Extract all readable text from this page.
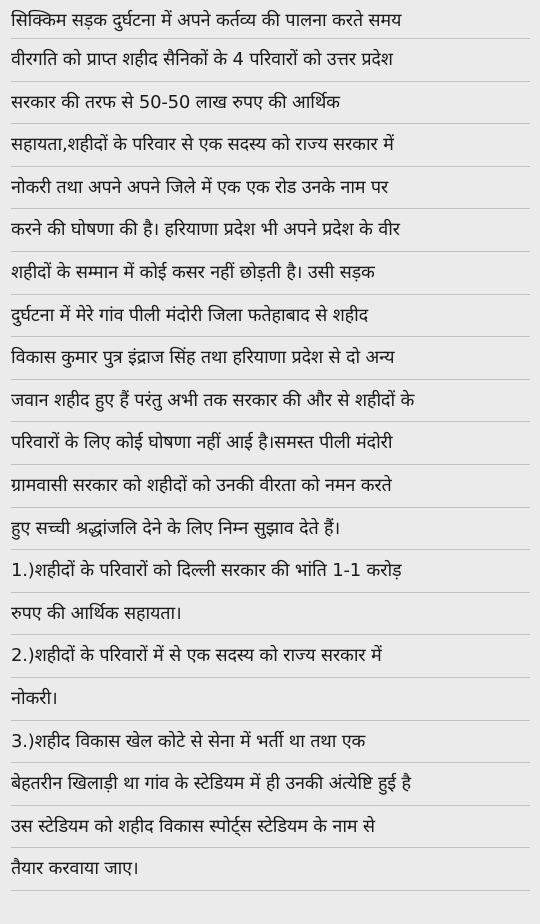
सिक्किम सड़क दुर्घटना में अपने कर्तव्य की पालना करते समय
वीरगति को प्राप्त शहीद सैनिकों के 4 परिवारों को उत्तर प्रदेश
सरकार की तरफ से 50-50 लाख रुपए की आर्थिक
सहायता,शहीदों के परिवार से एक सदस्य को राज्य सरकार में
नोकरी तथा अपने अपने जिले में एक एक रोड उनके नाम पर
करने की घोषणा की है। हरियाणा प्रदेश भी अपने प्रदेश के वीर
शहीदों के सम्मान में कोई कसर नहीं छोड़ती है। उसी सड़क
दुर्घटना में मेरे गांव पीली मंदोरी जिला फतेहाबाद से शहीद
विकास कुमार पुत्र इंद्राज सिंह तथा हरियाणा प्रदेश से दो अन्य
जवान शहीद हुए हैं परंतु अभी तक सरकार की और से शहीदों के
परिवारों के लिए कोई घोषणा नहीं आई है।समस्त पीली मंदोरी
ग्रामवासी सरकार को शहीदों को उनकी वीरता को नमन करते
हुए सच्ची श्रद्धांजलि देने के लिए निम्न सुझाव देते हैं।
1.)शहीदों के परिवारों को दिल्ली सरकार की भांति 1-1 करोड़
रुपए की आर्थिक सहायता।
2.)शहीदों के परिवारों में से एक सदस्य को राज्य सरकार में
नोकरी।
3.)शहीद विकास खेल कोटे से सेना में भर्ती था तथा एक
बेहतरीन खिलाड़ी था गांव के स्टेडियम में ही उनकी अंत्येष्टि हुई है
उस स्टेडियम को शहीद विकास स्पोर्ट्स स्टेडियम के नाम से
तैयार करवाया जाए।
